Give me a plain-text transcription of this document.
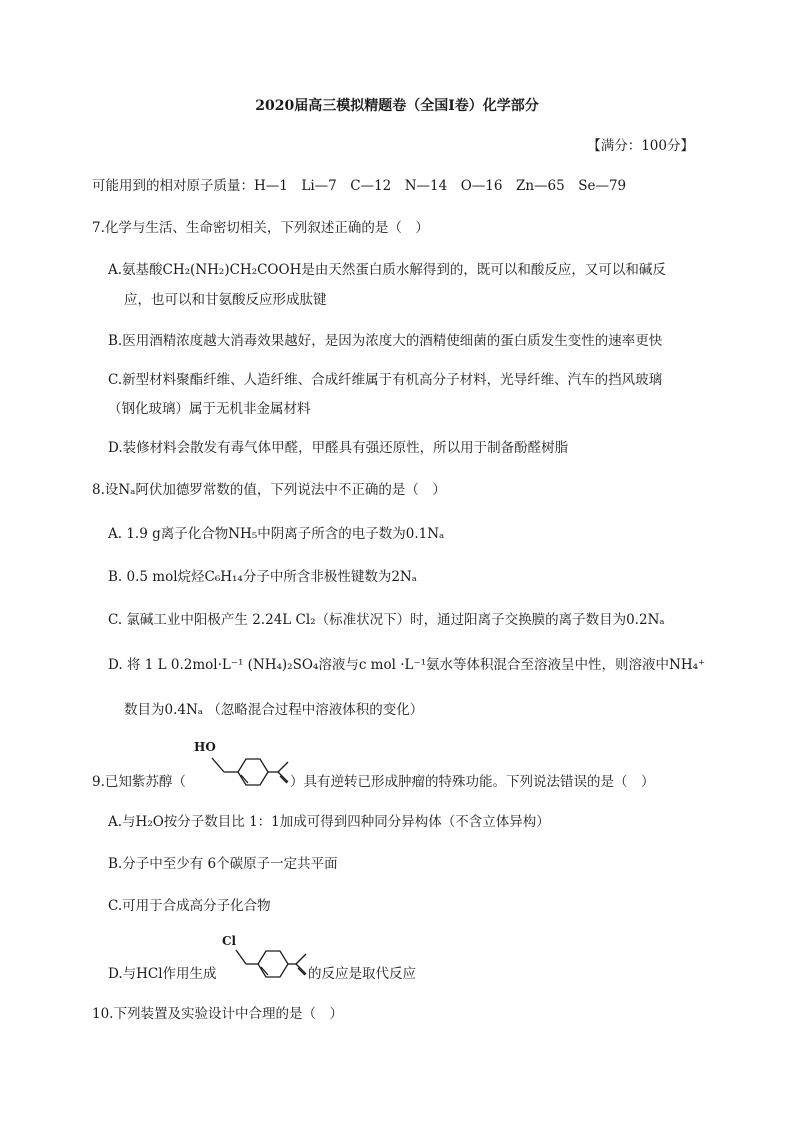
2020届高三模拟精题卷（全国Ⅰ卷）化学部分
【满分：100分】
可能用到的相对原子质量：H—1　Li—7　C—12　N—14　O—16　Zn—65　Se—79
7.化学与生活、生命密切相关，下列叙述正确的是（　）
A.氨基酸CH₂(NH₂)CH₂COOH是由天然蛋白质水解得到的，既可以和酸反应，又可以和碱反
应，也可以和甘氨酸反应形成肽键
B.医用酒精浓度越大消毒效果越好，是因为浓度大的酒精使细菌的蛋白质发生变性的速率更快
C.新型材料聚酯纤维、人造纤维、合成纤维属于有机高分子材料，光导纤维、汽车的挡风玻璃
（钢化玻璃）属于无机非金属材料
D.装修材料会散发有毒气体甲醛，甲醛具有强还原性，所以用于制备酚醛树脂
8.设Nₐ阿伏加德罗常数的值，下列说法中不正确的是（　）
A. 1.9 g离子化合物NH₅中阴离子所含的电子数为0.1Nₐ
B. 0.5 mol烷烃C₆H₁₄分子中所含非极性键数为2Nₐ
C. 氯碱工业中阳极产生 2.24L Cl₂（标准状况下）时，通过阳离子交换膜的离子数目为0.2Nₐ
D. 将 1 L 0.2mol·L⁻¹ (NH₄)₂SO₄溶液与c mol ·L⁻¹氨水等体积混合至溶液呈中性，则溶液中NH₄⁺
数目为0.4Nₐ （忽略混合过程中溶液体积的变化）
9.已知紫苏醇（
HO
）具有逆转已形成肿瘤的特殊功能。下列说法错误的是（　）
A.与H₂O按分子数目比 1：1加成可得到四种同分异构体（不含立体异构）
B.分子中至少有 6个碳原子一定共平面
C.可用于合成高分子化合物
D.与HCl作用生成
Cl
的反应是取代反应
10.下列装置及实验设计中合理的是（　）
